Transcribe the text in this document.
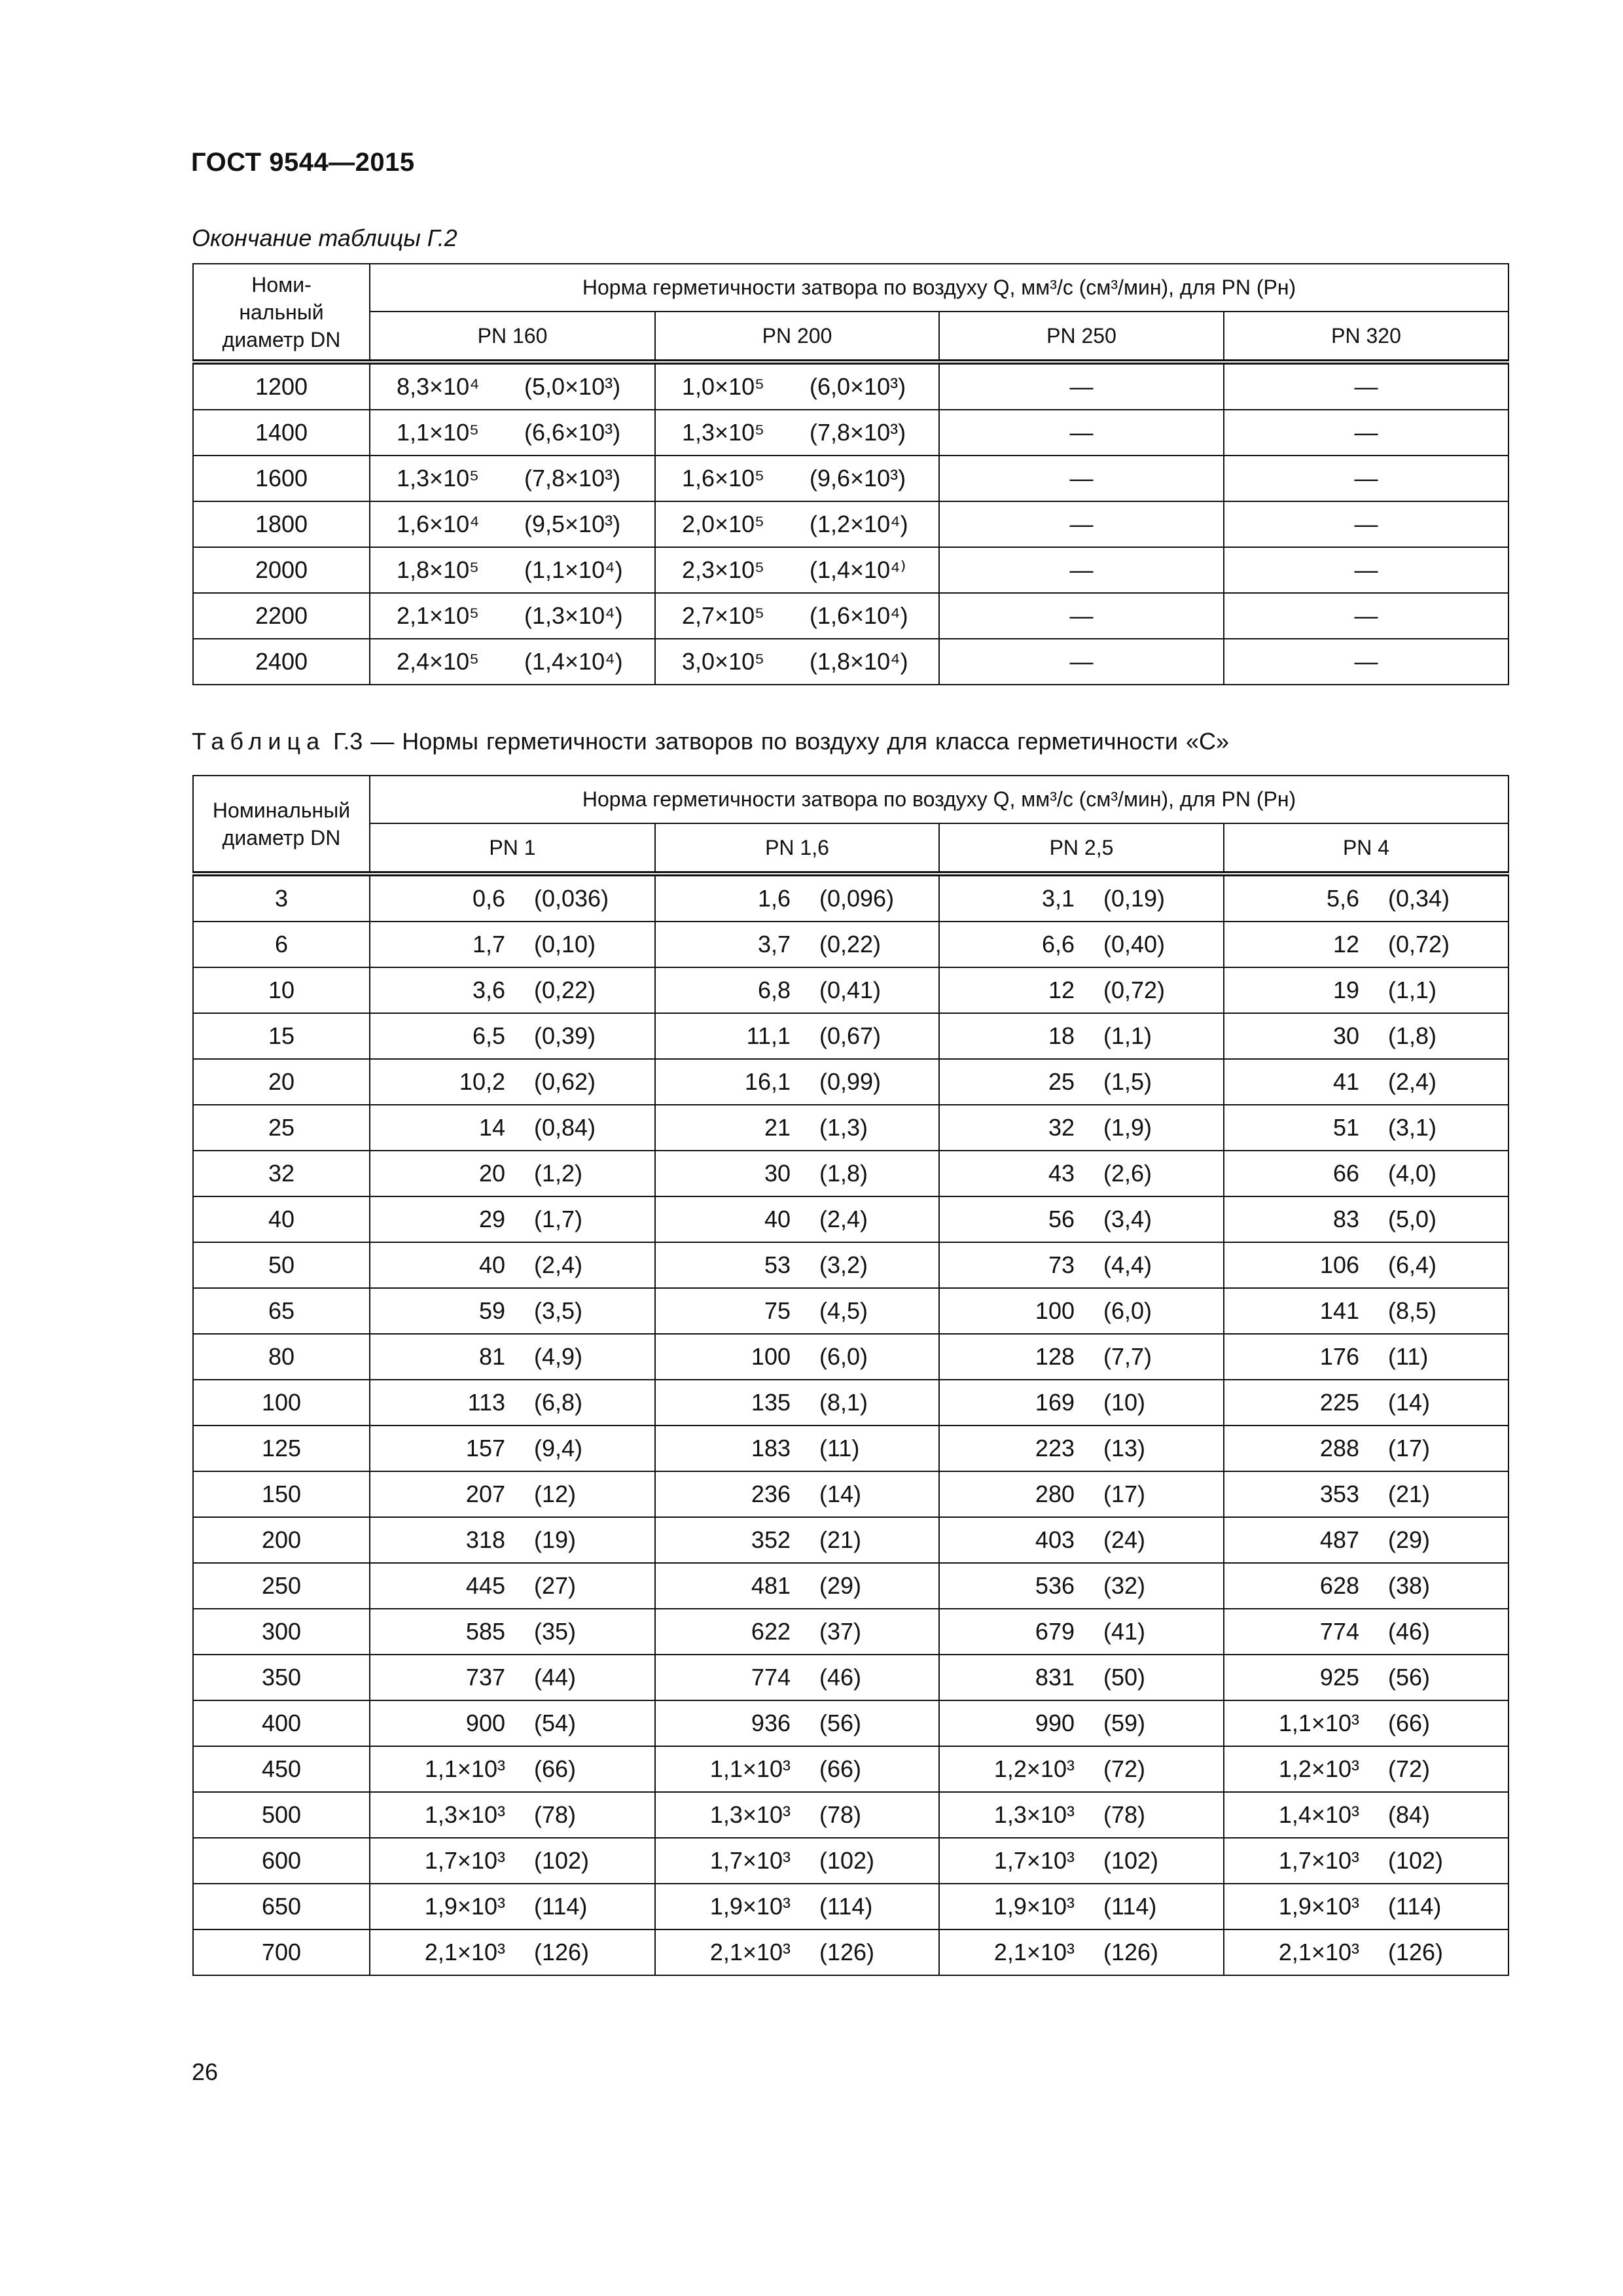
ГОСТ 9544—2015
Окончание таблицы Г.2
Номи-
нальный
диаметр DN	Норма герметичности затвора по воздуху Q, мм³/с (см³/мин), для PN (Pн)			
	PN 160	PN 200	PN 250	PN 320
1200	8,3×10⁴ (5,0×10³)	1,0×10⁵ (6,0×10³)	—	—
1400	1,1×10⁵ (6,6×10³)	1,3×10⁵ (7,8×10³)	—	—
1600	1,3×10⁵ (7,8×10³)	1,6×10⁵ (9,6×10³)	—	—
1800	1,6×10⁴ (9,5×10³)	2,0×10⁵ (1,2×10⁴)	—	—
2000	1,8×10⁵ (1,1×10⁴)	2,3×10⁵ (1,4×10⁴⁾	—	—
2200	2,1×10⁵ (1,3×10⁴)	2,7×10⁵ (1,6×10⁴)	—	—
2400	2,4×10⁵ (1,4×10⁴)	3,0×10⁵ (1,8×10⁴)	—	—
Таблица Г.3 — Нормы герметичности затворов по воздуху для класса герметичности «С»
Номинальный
диаметр DN	Норма герметичности затвора по воздуху Q, мм³/с (см³/мин), для PN (Pн)			
	PN 1	PN 1,6	PN 2,5	PN 4
3	0,6 (0,036)	1,6 (0,096)	3,1 (0,19)	5,6 (0,34)

6	1,7 (0,10)	3,7 (0,22)	6,6 (0,40)	12 (0,72)

10	3,6 (0,22)	6,8 (0,41)	12 (0,72)	19 (1,1)

15	6,5 (0,39)	11,1 (0,67)	18 (1,1)	30 (1,8)

20	10,2 (0,62)	16,1 (0,99)	25 (1,5)	41 (2,4)

25	14 (0,84)	21 (1,3)	32 (1,9)	51 (3,1)

32	20 (1,2)	30 (1,8)	43 (2,6)	66 (4,0)

40	29 (1,7)	40 (2,4)	56 (3,4)	83 (5,0)

50	40 (2,4)	53 (3,2)	73 (4,4)	106 (6,4)

65	59 (3,5)	75 (4,5)	100 (6,0)	141 (8,5)

80	81 (4,9)	100 (6,0)	128 (7,7)	176 (11)

100	113 (6,8)	135 (8,1)	169 (10)	225 (14)

125	157 (9,4)	183 (11)	223 (13)	288 (17)

150	207 (12)	236 (14)	280 (17)	353 (21)

200	318 (19)	352 (21)	403 (24)	487 (29)

250	445 (27)	481 (29)	536 (32)	628 (38)

300	585 (35)	622 (37)	679 (41)	774 (46)

350	737 (44)	774 (46)	831 (50)	925 (56)

400	900 (54)	936 (56)	990 (59)	1,1×10³ (66)

450	1,1×10³ (66)	1,1×10³ (66)	1,2×10³ (72)	1,2×10³ (72)

500	1,3×10³ (78)	1,3×10³ (78)	1,3×10³ (78)	1,4×10³ (84)

600	1,7×10³ (102)	1,7×10³ (102)	1,7×10³ (102)	1,7×10³ (102)

650	1,9×10³ (114)	1,9×10³ (114)	1,9×10³ (114)	1,9×10³ (114)

700	2,1×10³ (126)	2,1×10³ (126)	2,1×10³ (126)	2,1×10³ (126)
26
